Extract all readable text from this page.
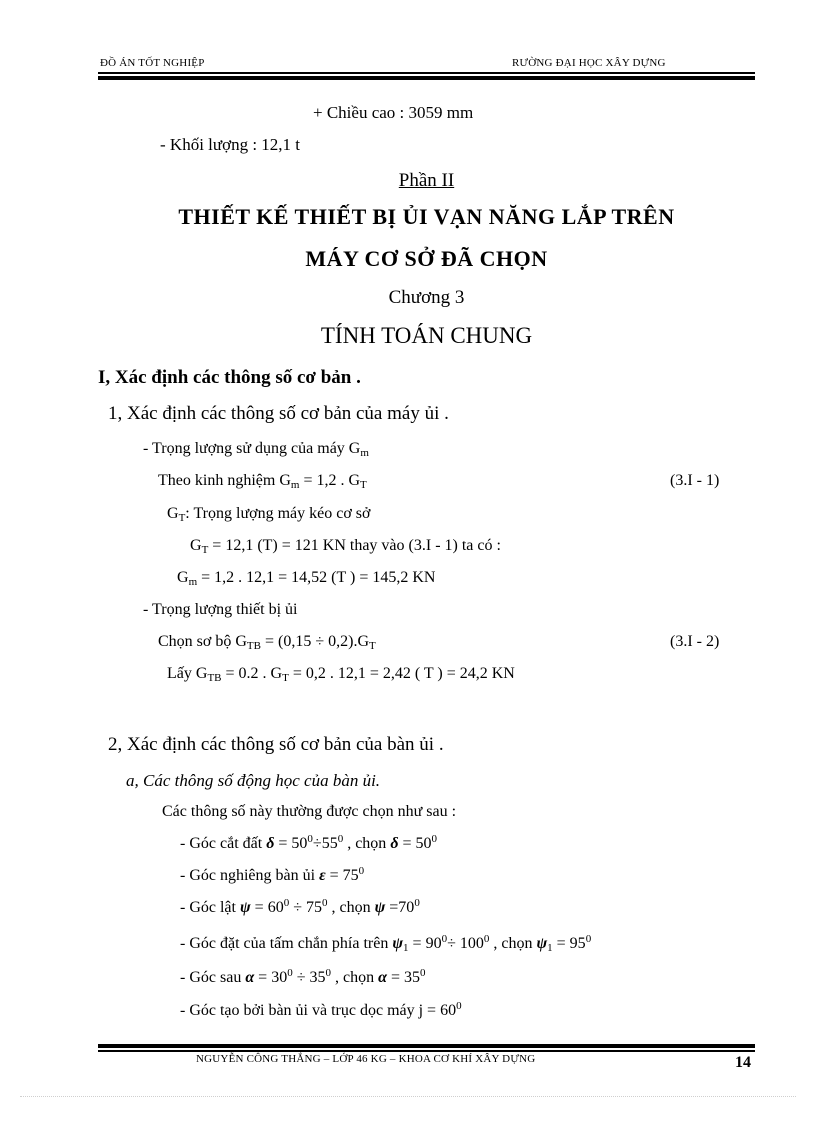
ĐỒ ÁN TỐT NGHIỆP	RƯỜNG ĐẠI HỌC XÂY DỰNG
+ Chiều cao : 3059 mm
- Khối lượng : 12,1 t
Phần II
THIẾT KẾ THIẾT BỊ ỦI VẠN NĂNG LẮP TRÊN
MÁY CƠ SỞ ĐÃ CHỌN
Chương 3
TÍNH TOÁN CHUNG
I, Xác định các thông số cơ bản .
1, Xác định các thông số cơ bản của máy ủi .
- Trọng lượng sử dụng của máy $G_m$
Theo kinh nghiệm $G_m = 1,2$ . $G_T$	(3.I - 1)
$G_T$: Trọng lượng máy kéo cơ sở
$G_T = 12,1$ (T) = 121 KN thay vào (3.I - 1) ta có :
$G_m = 1,2$ . 12,1 = 14,52 (T ) = 145,2 KN
- Trọng lượng thiết bị ủi
Chọn sơ bộ $G_{TB} = (0,15 \div 0,2).G_T$	(3.I - 2)
Lấy $G_{TB} = 0.2$ . $G_T = 0,2$ . 12,1 = 2,42 ( T ) = 24,2 KN
2, Xác định các thông số cơ bản của bàn ủi .
a, Các thông số động học của bàn ủi.
Các thông số này thường được chọn như sau :
- Góc cắt đất $\delta = 50^0\div 55^0$ , chọn $\delta = 50^0$
- Góc nghiêng bàn ủi $\varepsilon = 75^0$
- Góc lật $\psi = 60^0 \div 75^0$ , chọn $\psi =70^0$
- Góc đặt của tấm chắn phía trên $\psi_1 = 90^0\div 100^0$ , chọn $\psi_1 = 95^0$
- Góc sau $\alpha = 30^0 \div 35^0$ , chọn $\alpha = 35^0$
- Góc tạo bởi bàn ủi và trục dọc máy $j = 60^0$
NGUYỄN CÔNG THẮNG – LỚP 46 KG – KHOA CƠ KHÍ XÂY DỰNG	14
